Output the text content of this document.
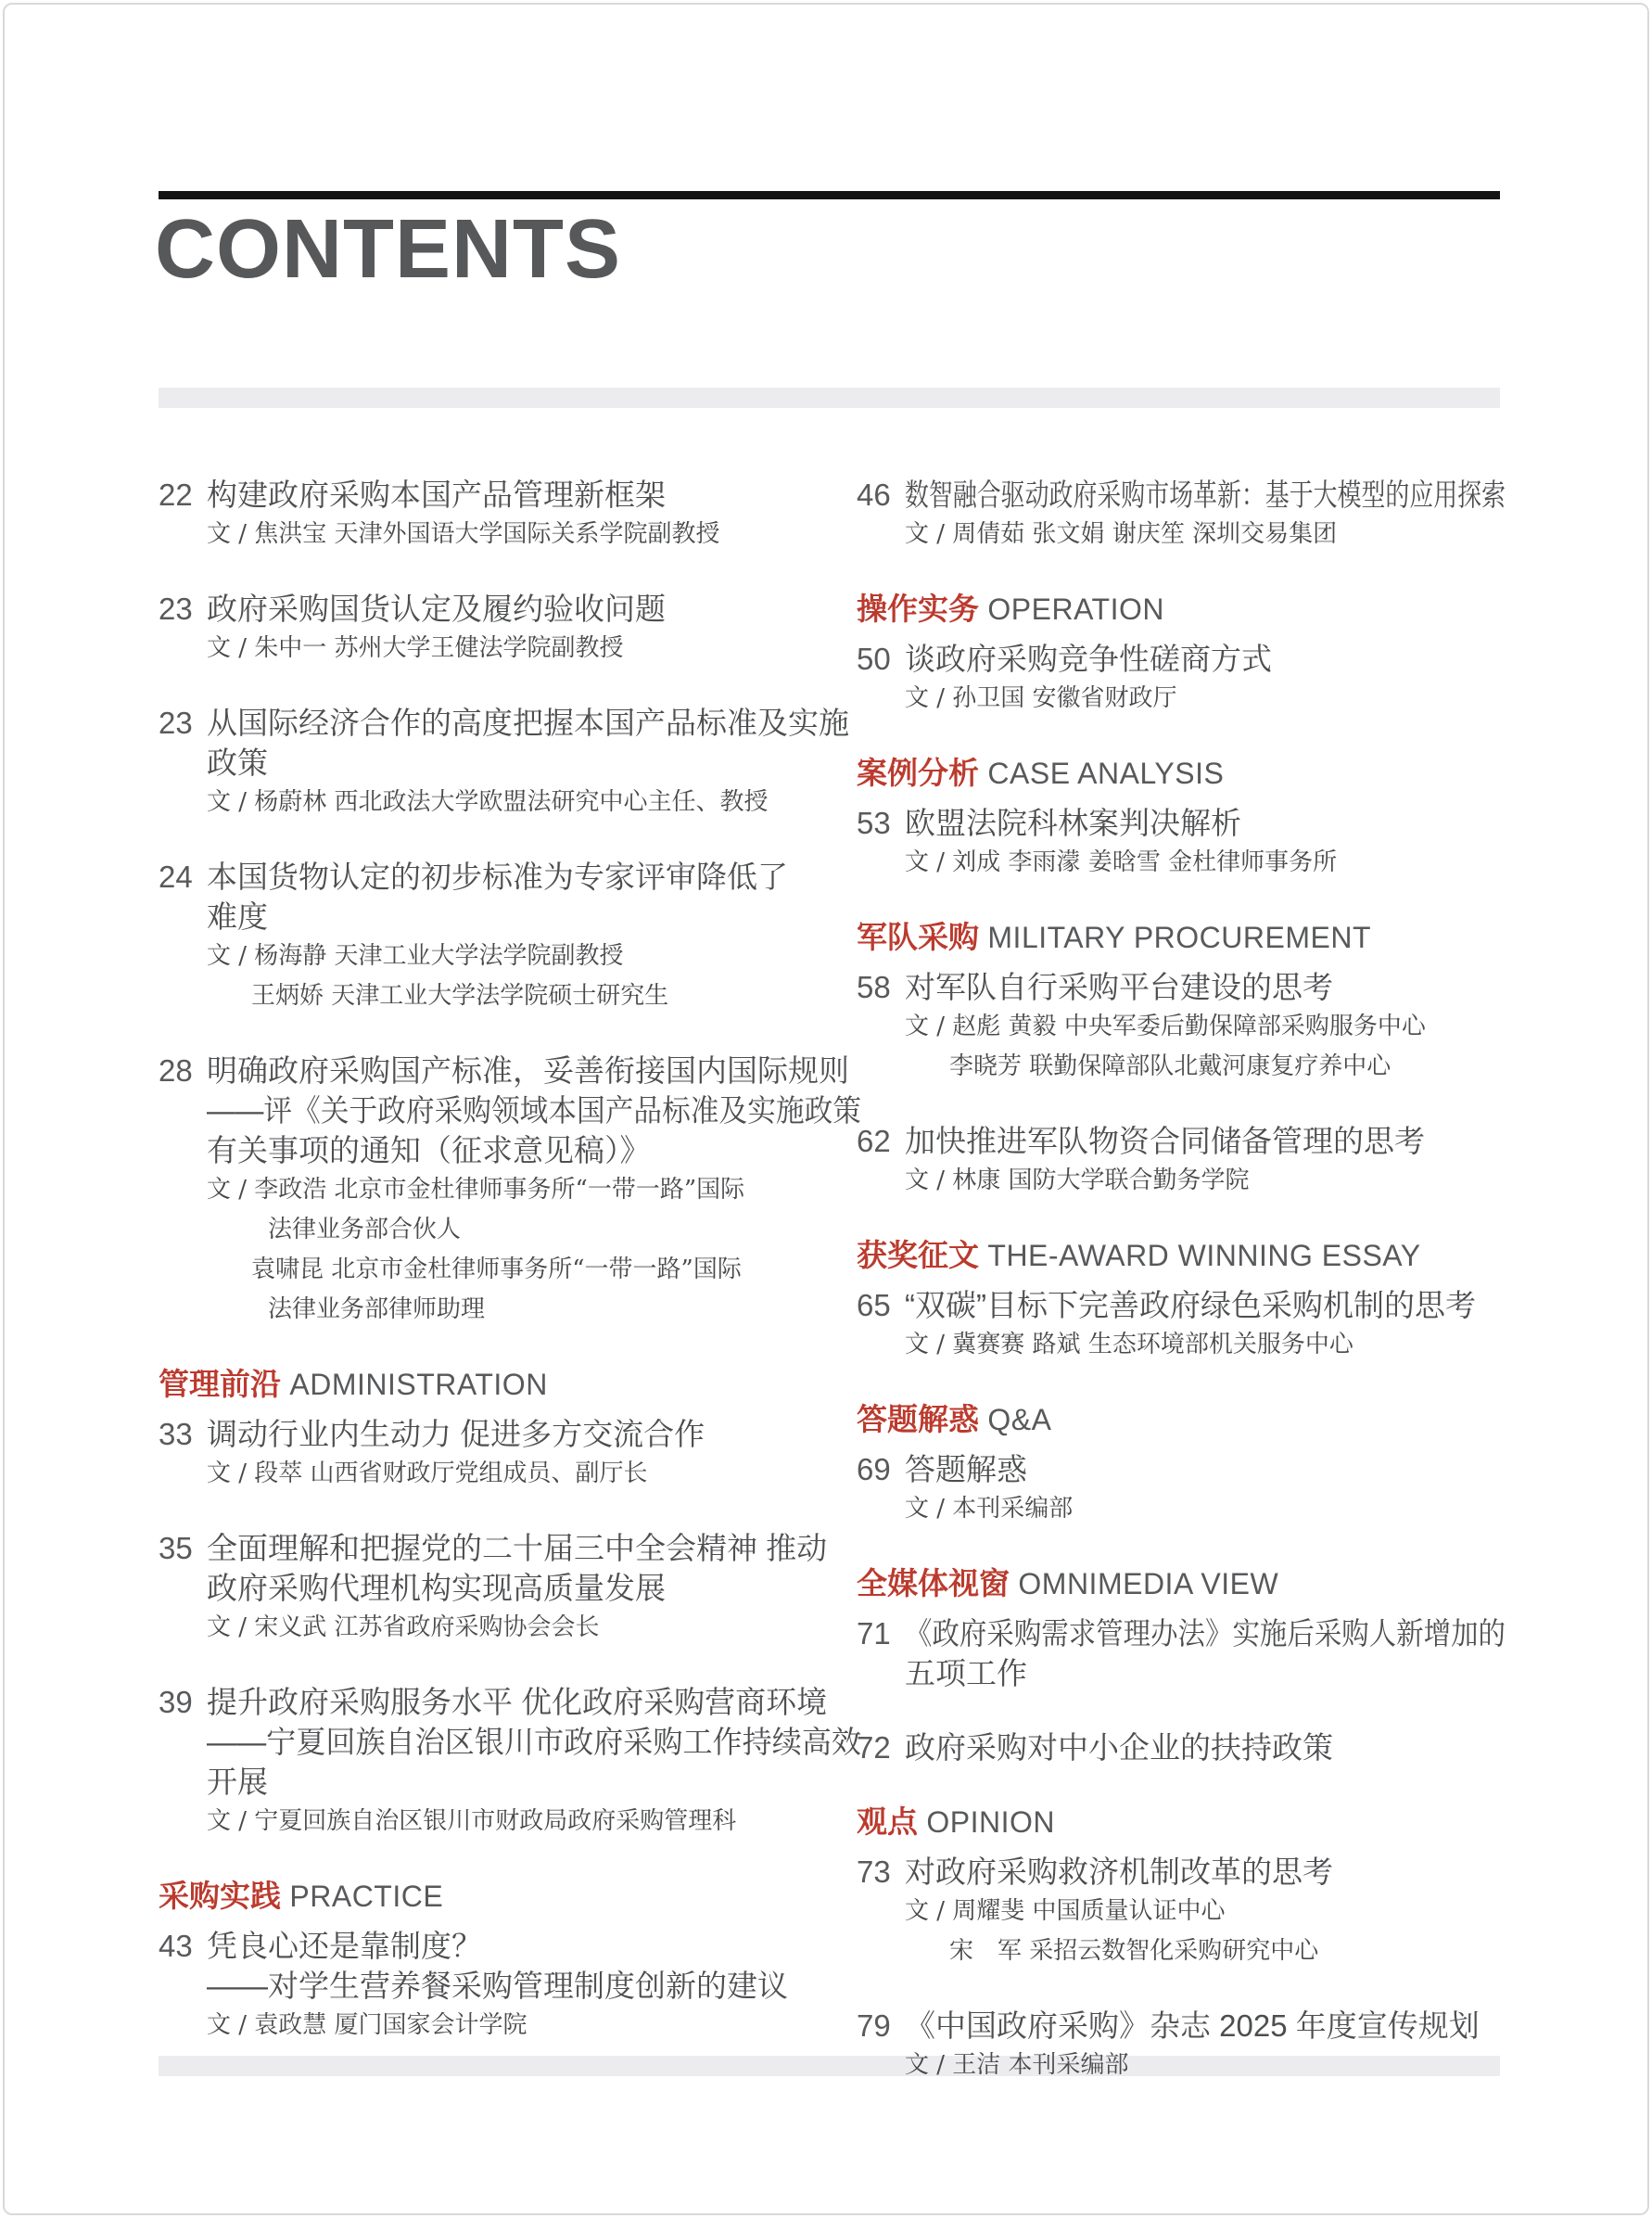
CONTENTS
22 构建政府采购本国产品管理新框架
文 / 焦洪宝 天津外国语大学国际关系学院副教授
23 政府采购国货认定及履约验收问题
文 / 朱中一 苏州大学王健法学院副教授
23 从国际经济合作的高度把握本国产品标准及实施
政策
文 / 杨蔚林 西北政法大学欧盟法研究中心主任、教授
24 本国货物认定的初步标准为专家评审降低了
难度
文 / 杨海静 天津工业大学法学院副教授
王炳娇 天津工业大学法学院硕士研究生
28 明确政府采购国产标准，妥善衔接国内国际规则
——评《关于政府采购领域本国产品标准及实施政策
有关事项的通知（征求意见稿）》
文 / 李政浩 北京市金杜律师事务所“一带一路”国际
法律业务部合伙人
袁啸昆 北京市金杜律师事务所“一带一路”国际
法律业务部律师助理
管理前沿 ADMINISTRATION
33 调动行业内生动力 促进多方交流合作
文 / 段萃 山西省财政厅党组成员、副厅长
35 全面理解和把握党的二十届三中全会精神 推动
政府采购代理机构实现高质量发展
文 / 宋义武 江苏省政府采购协会会长
39 提升政府采购服务水平 优化政府采购营商环境
——宁夏回族自治区银川市政府采购工作持续高效
开展
文 / 宁夏回族自治区银川市财政局政府采购管理科
采购实践 PRACTICE
43 凭良心还是靠制度？
——对学生营养餐采购管理制度创新的建议
文 / 袁政慧 厦门国家会计学院
46 数智融合驱动政府采购市场革新：基于大模型的应用探索
文 / 周倩茹 张文娟 谢庆笙 深圳交易集团
操作实务 OPERATION
50 谈政府采购竞争性磋商方式
文 / 孙卫国 安徽省财政厅
案例分析 CASE ANALYSIS
53 欧盟法院科林案判决解析
文 / 刘成 李雨濛 姜晗雪 金杜律师事务所
军队采购 MILITARY PROCUREMENT
58 对军队自行采购平台建设的思考
文 / 赵彪 黄毅 中央军委后勤保障部采购服务中心
李晓芳 联勤保障部队北戴河康复疗养中心
62 加快推进军队物资合同储备管理的思考
文 / 林康 国防大学联合勤务学院
获奖征文 THE-AWARD WINNING ESSAY
65 “双碳”目标下完善政府绿色采购机制的思考
文 / 冀赛赛 路斌 生态环境部机关服务中心
答题解惑 Q&A
69 答题解惑
文 / 本刊采编部
全媒体视窗 OMNIMEDIA VIEW
71 《政府采购需求管理办法》实施后采购人新增加的
五项工作
72 政府采购对中小企业的扶持政策
观点 OPINION
73 对政府采购救济机制改革的思考
文 / 周耀斐 中国质量认证中心
宋　军 采招云数智化采购研究中心
79 《中国政府采购》杂志 2025 年度宣传规划
文 / 王洁 本刊采编部
